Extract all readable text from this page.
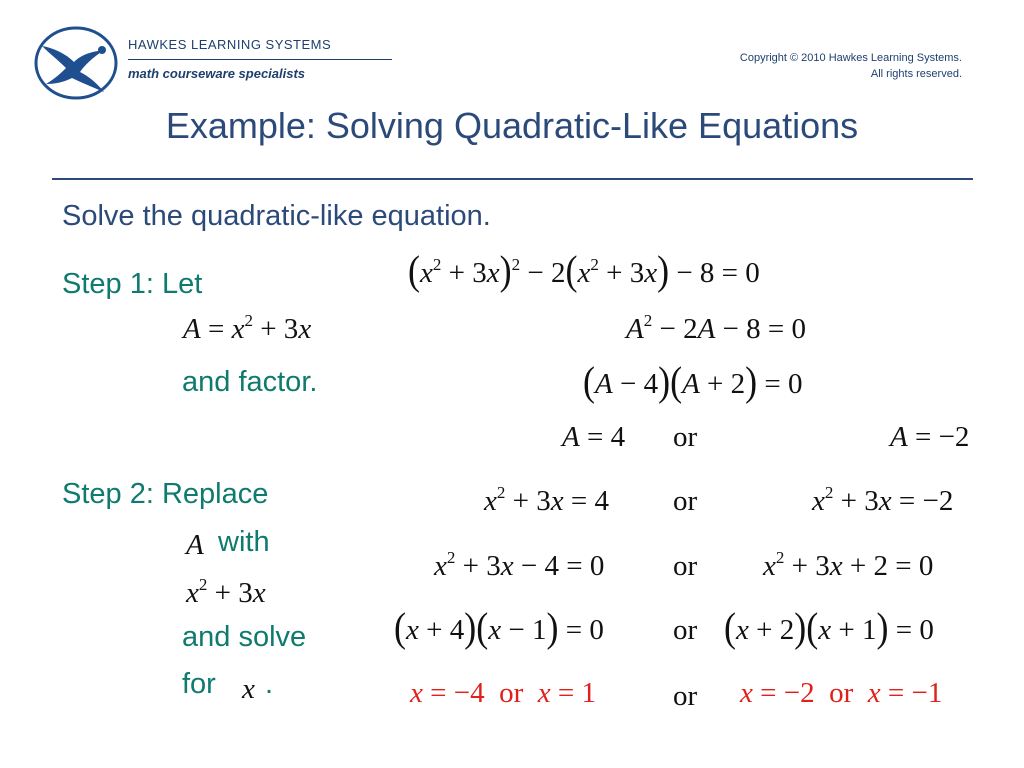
HAWKES LEARNING SYSTEMS
math courseware specialists
Copyright © 2010 Hawkes Learning Systems.
All rights reserved.
Example: Solving Quadratic-Like Equations
Solve the quadratic-like equation.
Step 1: Let
$A = x^2 + 3x$
and factor.
Step 2: Replace
A with
$x^2 + 3x$
and solve
for x .
$(x^2 + 3x)^2 - 2(x^2 + 3x) - 8 = 0$
$A^2 - 2A - 8 = 0$
(A − 4)(A + 2) = 0
A = 4 or	A = −2
$x^2 + 3x = 4$ or	$x^2 + 3x = -2$
$x^2 + 3x - 4 = 0$ or $x^2 + 3x + 2 = 0$
(x + 4)(x − 1) = 0 or (x + 2)(x + 1) = 0
x = −4  or  x = 1	or x = −2  or  x = −1
